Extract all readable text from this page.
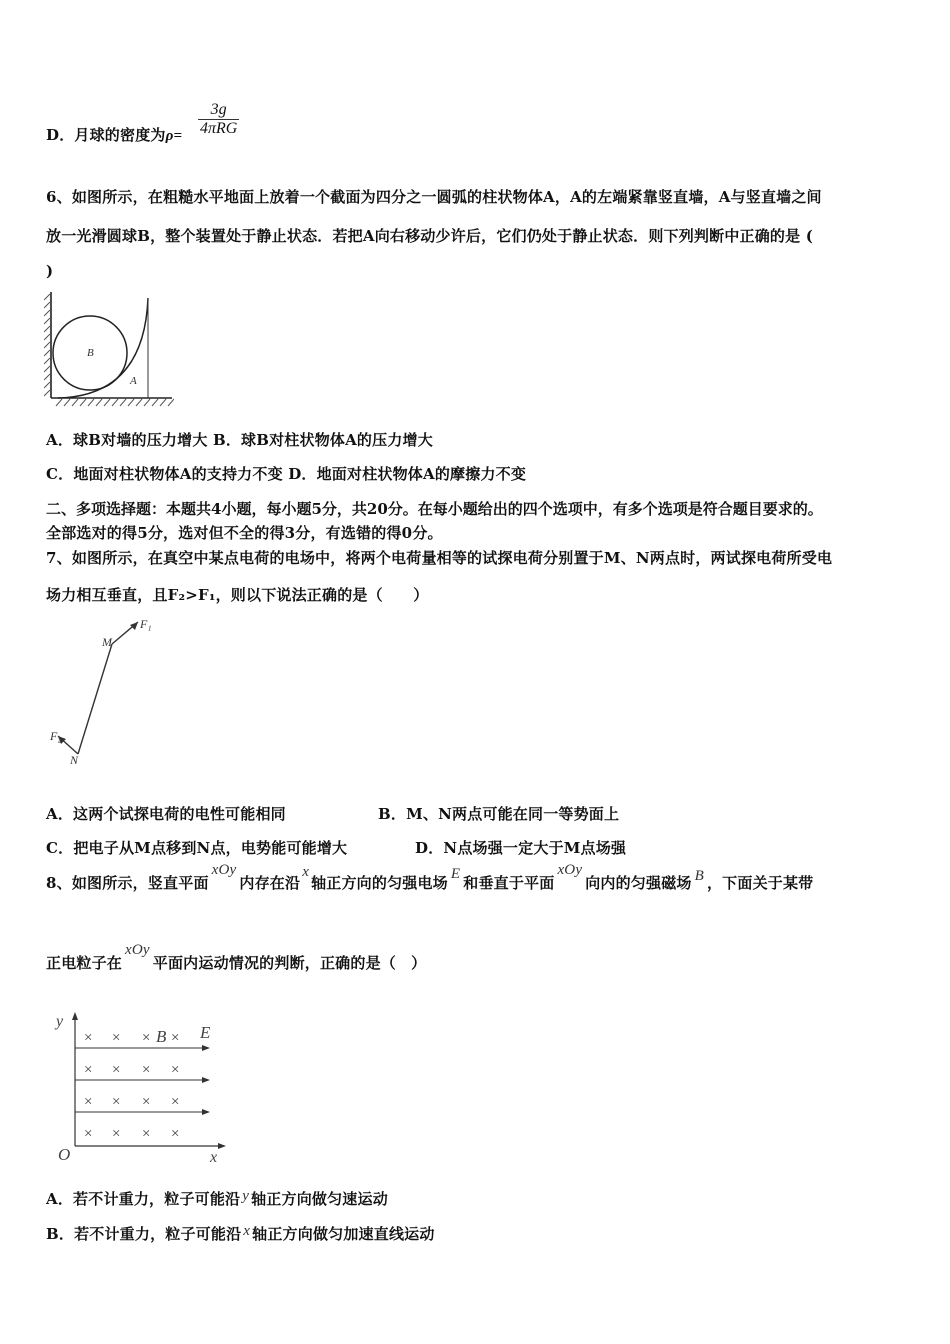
D．月球的密度为$\rho= \frac{3g}{\text{4πRG}}$
6、如图所示，在粗糙水平地面上放着一个截面为四分之一圆弧的柱状物体A，A的左端紧靠竖直墙，A与竖直墙之间
放一光滑圆球B，整个装置处于静止状态．若把A向右移动少许后，它们仍处于静止状态．则下列判断中正确的是 (
)
B
A
A．球B对墙的压力增大 B．球B对柱状物体A的压力增大
C．地面对柱状物体A的支持力不变 D．地面对柱状物体A的摩擦力不变
二、多项选择题：本题共4小题，每小题5分，共20分。在每小题给出的四个选项中，有多个选项是符合题目要求的。
全部选对的得5分，选对但不全的得3分，有选错的得0分。
7、如图所示，在真空中某点电荷的电场中，将两个电荷量相等的试探电荷分别置于M、N两点时，两试探电荷所受电
场力相互垂直，且F₂>F₁，则以下说法正确的是（　　）
M
F₁
N
F₂
A．这两个试探电荷的电性可能相同	B．M、N两点可能在同一等势面上
C．把电子从M点移到N点，电势能可能增大	D．N点场强一定大于M点场强
8、如图所示，竖直平面xOy内存在沿x轴正方向的匀强电场 E 和垂直于平面xOy向内的匀强磁场 B ，下面关于某带
正电粒子在xOy平面内运动情况的判断，正确的是（　）
× × × ×
× × × ×
× × × ×
× × × ×
B E
y
O	x
A．若不计重力，粒子可能沿 y 轴正方向做匀速运动
B．若不计重力，粒子可能沿 x 轴正方向做匀加速直线运动
